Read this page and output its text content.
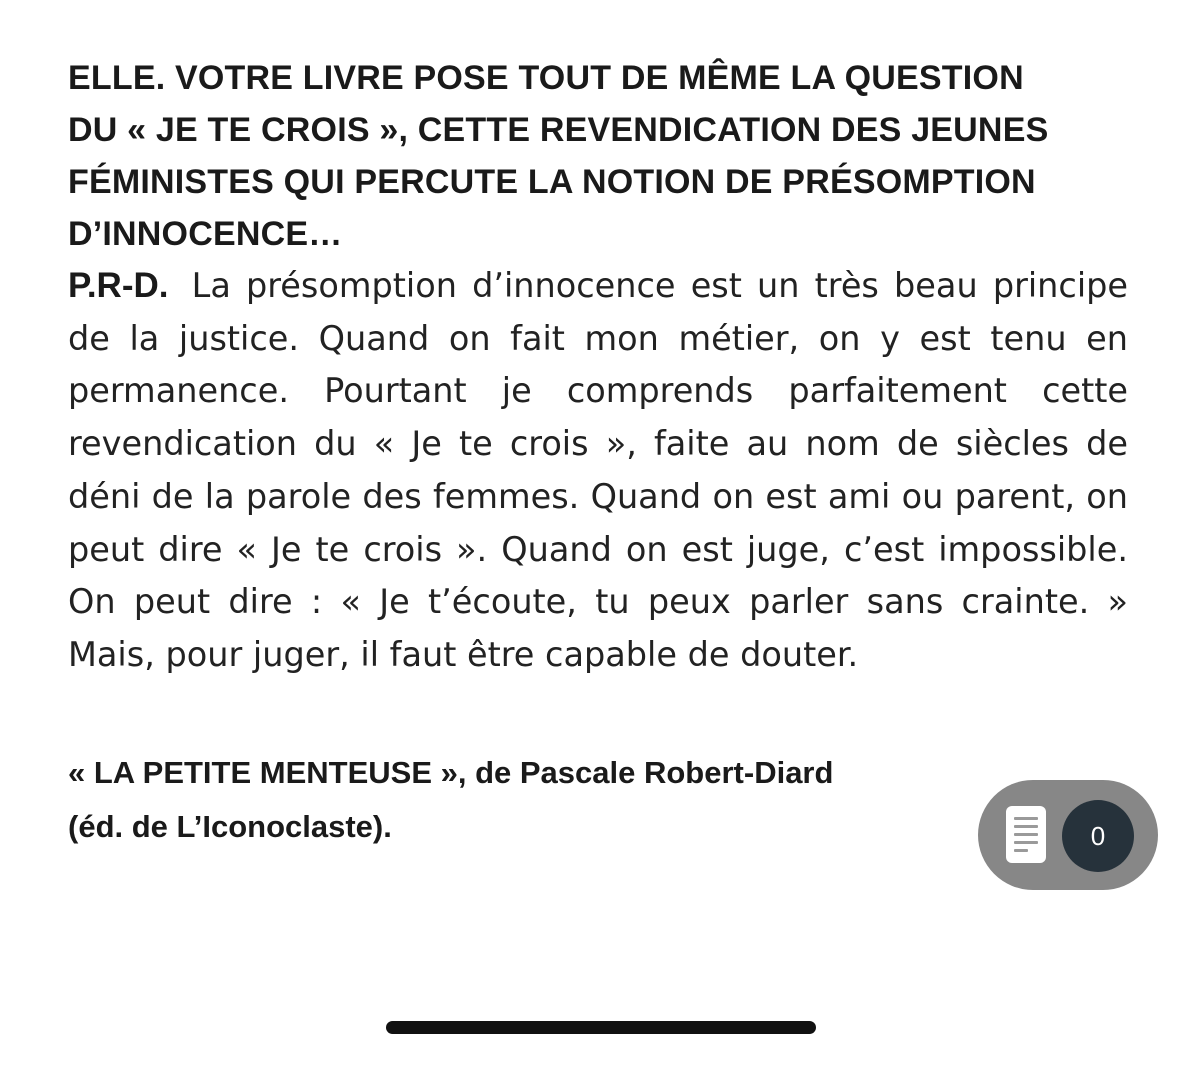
ELLE. VOTRE LIVRE POSE TOUT DE MÊME LA QUESTION DU « JE TE CROIS », CETTE REVENDICATION DES JEUNES FÉMINISTES QUI PERCUTE LA NOTION DE PRÉSOMPTION D’INNOCENCE…

P.R-D. La présomption d’innocence est un très beau principe de la justice. Quand on fait mon métier, on y est tenu en permanence. Pourtant je comprends parfaitement cette revendication du « Je te crois », faite au nom de siècles de déni de la parole des femmes. Quand on est ami ou parent, on peut dire « Je te crois ». Quand on est juge, c’est impossible. On peut dire : « Je t’écoute, tu peux parler sans crainte. » Mais, pour juger, il faut être capable de douter.

« LA PETITE MENTEUSE », de Pascale Robert-Diard
(éd. de L’Iconoclaste).	0
